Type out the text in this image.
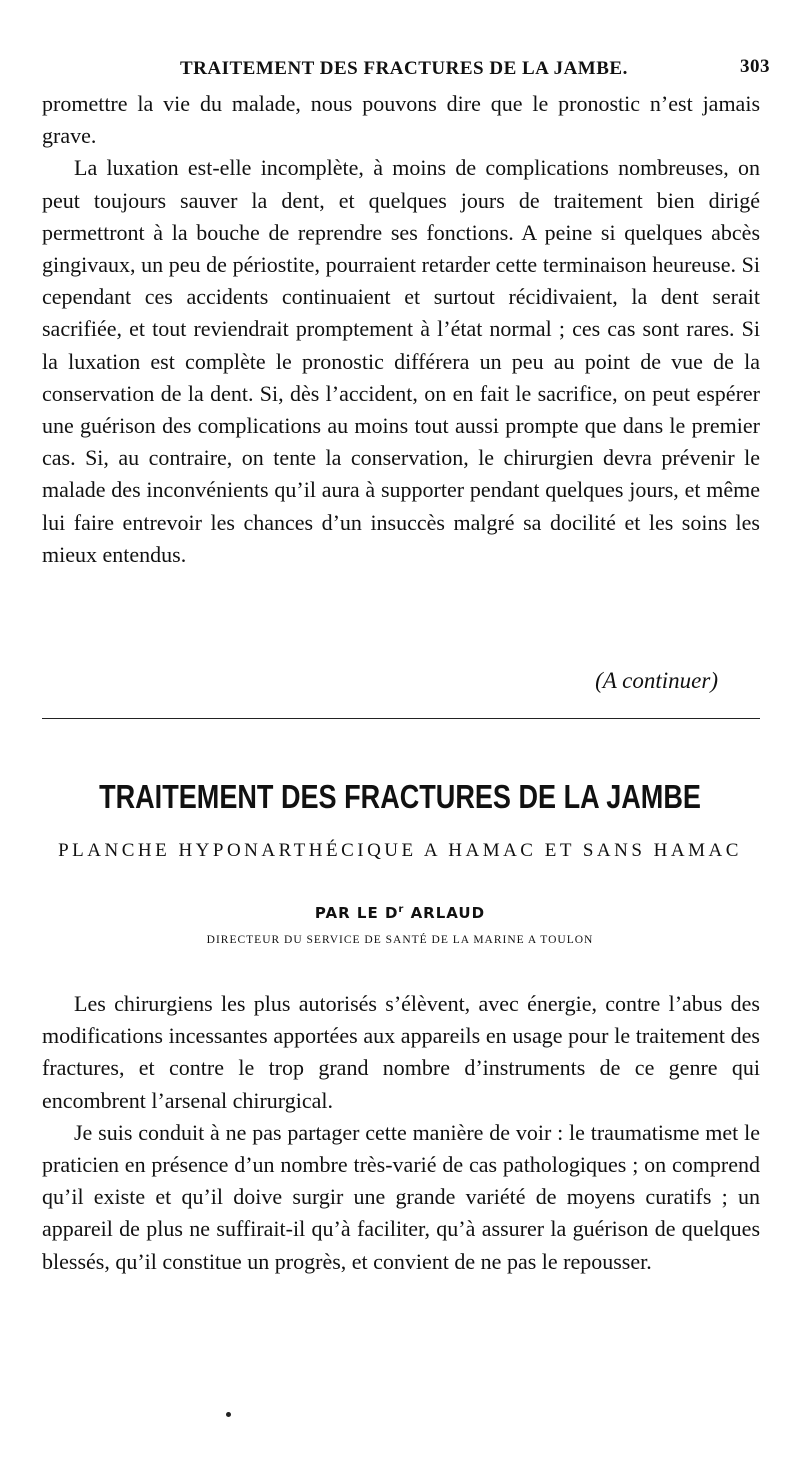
TRAITEMENT DES FRACTURES DE LA JAMBE.	303

promettre la vie du malade, nous pouvons dire que le pronostic n’est jamais grave.

La luxation est-elle incomplète, à moins de complications nombreuses, on peut toujours sauver la dent, et quelques jours de traitement bien dirigé permettront à la bouche de reprendre ses fonctions. A peine si quelques abcès gingivaux, un peu de périostite, pourraient retarder cette terminaison heureuse. Si cependant ces accidents continuaient et surtout récidivaient, la dent serait sacrifiée, et tout reviendrait promptement à l’état normal ; ces cas sont rares. Si la luxation est complète le pronostic différera un peu au point de vue de la conservation de la dent. Si, dès l’accident, on en fait le sacrifice, on peut espérer une guérison des complications au moins tout aussi prompte que dans le premier cas. Si, au contraire, on tente la conservation, le chirurgien devra prévenir le malade des inconvénients qu’il aura à supporter pendant quelques jours, et même lui faire entrevoir les chances d’un insuccès malgré sa docilité et les soins les mieux entendus.

(A continuer)
TRAITEMENT DES FRACTURES DE LA JAMBE
PLANCHE HYPONARTHÉCIQUE A HAMAC ET SANS HAMAC
PAR LE $D^r$ ARLAUD
DIRECTEUR DU SERVICE DE SANTÉ DE LA MARINE A TOULON

Les chirurgiens les plus autorisés s’élèvent, avec énergie, contre l’abus des modifications incessantes apportées aux appareils en usage pour le traitement des fractures, et contre le trop grand nombre d’instruments de ce genre qui encombrent l’arsenal chirurgical.

Je suis conduit à ne pas partager cette manière de voir : le traumatisme met le praticien en présence d’un nombre très-varié de cas pathologiques ; on comprend qu’il existe et qu’il doive surgir une grande variété de moyens curatifs ; un appareil de plus ne suffirait-il qu’à faciliter, qu’à assurer la guérison de quelques blessés, qu’il constitue un progrès, et convient de ne pas le repousser.
